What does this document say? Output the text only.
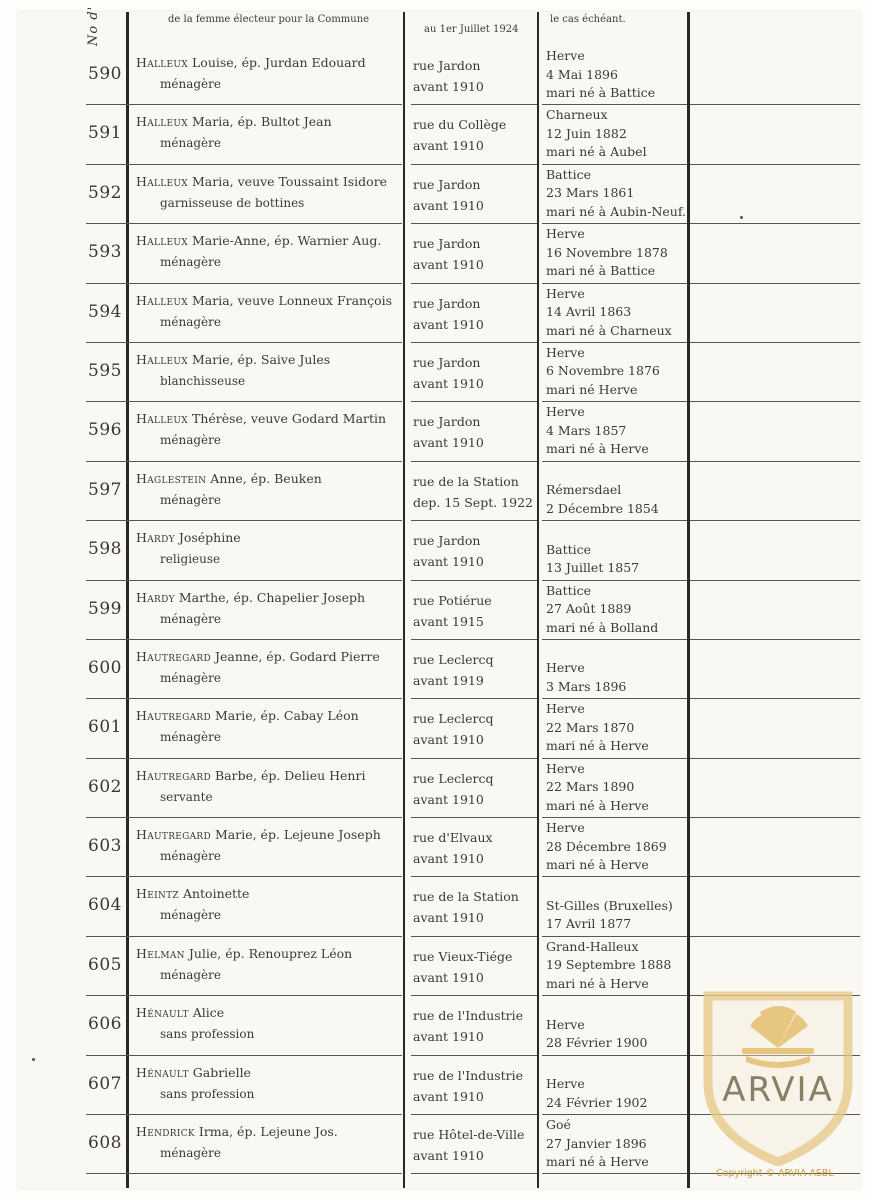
No d'	de la femme électeur pour la Commune
au 1er Juillet 1924
le cas échéant.
590
Halleux Louise, ép. Jurdan Edouard
ménagère
rue Jardon
avant 1910
Herve
4 Mai 1896
mari né à Battice
591
Halleux Maria, ép. Bultot Jean
ménagère
rue du Collège
avant 1910
Charneux
12 Juin 1882
mari né à Aubel
592
Halleux Maria, veuve Toussaint Isidore
garnisseuse de bottines
rue Jardon
avant 1910
Battice
23 Mars 1861
mari né à Aubin-Neuf.
593
Halleux Marie-Anne, ép. Warnier Aug.
ménagère
rue Jardon
avant 1910
Herve
16 Novembre 1878
mari né à Battice
594
Halleux Maria, veuve Lonneux François
ménagère
rue Jardon
avant 1910
Herve
14 Avril 1863
mari né à Charneux
595
Halleux Marie, ép. Saive Jules
blanchisseuse
rue Jardon
avant 1910
Herve
6 Novembre 1876
mari né Herve
596
Halleux Thérèse, veuve Godard Martin
ménagère
rue Jardon
avant 1910
Herve
4 Mars 1857
mari né à Herve
597
Haglestein Anne, ép. Beuken
ménagère
rue de la Station
dep. 15 Sept. 1922

Rémersdael
2 Décembre 1854
598
Hardy Joséphine
religieuse
rue Jardon
avant 1910

Battice
13 Juillet 1857
599
Hardy Marthe, ép. Chapelier Joseph
ménagère
rue Potiérue
avant 1915
Battice
27 Août 1889
mari né à Bolland
600
Hautregard Jeanne, ép. Godard Pierre
ménagère
rue Leclercq
avant 1919

Herve
3 Mars 1896
601
Hautregard Marie, ép. Cabay Léon
ménagère
rue Leclercq
avant 1910
Herve
22 Mars 1870
mari né à Herve
602
Hautregard Barbe, ép. Delieu Henri
servante
rue Leclercq
avant 1910
Herve
22 Mars 1890
mari né à Herve
603
Hautregard Marie, ép. Lejeune Joseph
ménagère
rue d'Elvaux
avant 1910
Herve
28 Décembre 1869
mari né à Herve
604
Heintz Antoinette
ménagère
rue de la Station
avant 1910

St-Gilles (Bruxelles)
17 Avril 1877
605
Helman Julie, ép. Renouprez Léon
ménagère
rue Vieux-Tiége
avant 1910
Grand-Halleux
19 Septembre 1888
mari né à Herve
606
Hénault Alice
sans profession
rue de l'Industrie
avant 1910

Herve
28 Février 1900
607
Hénault Gabrielle
sans profession
rue de l'Industrie
avant 1910

Herve
24 Février 1902
608
Hendrick Irma, ép. Lejeune Jos.
ménagère
rue Hôtel-de-Ville
avant 1910
Goé
27 Janvier 1896
mari né à Herve
ARVIA
Copyright © ARVIA ASBL
